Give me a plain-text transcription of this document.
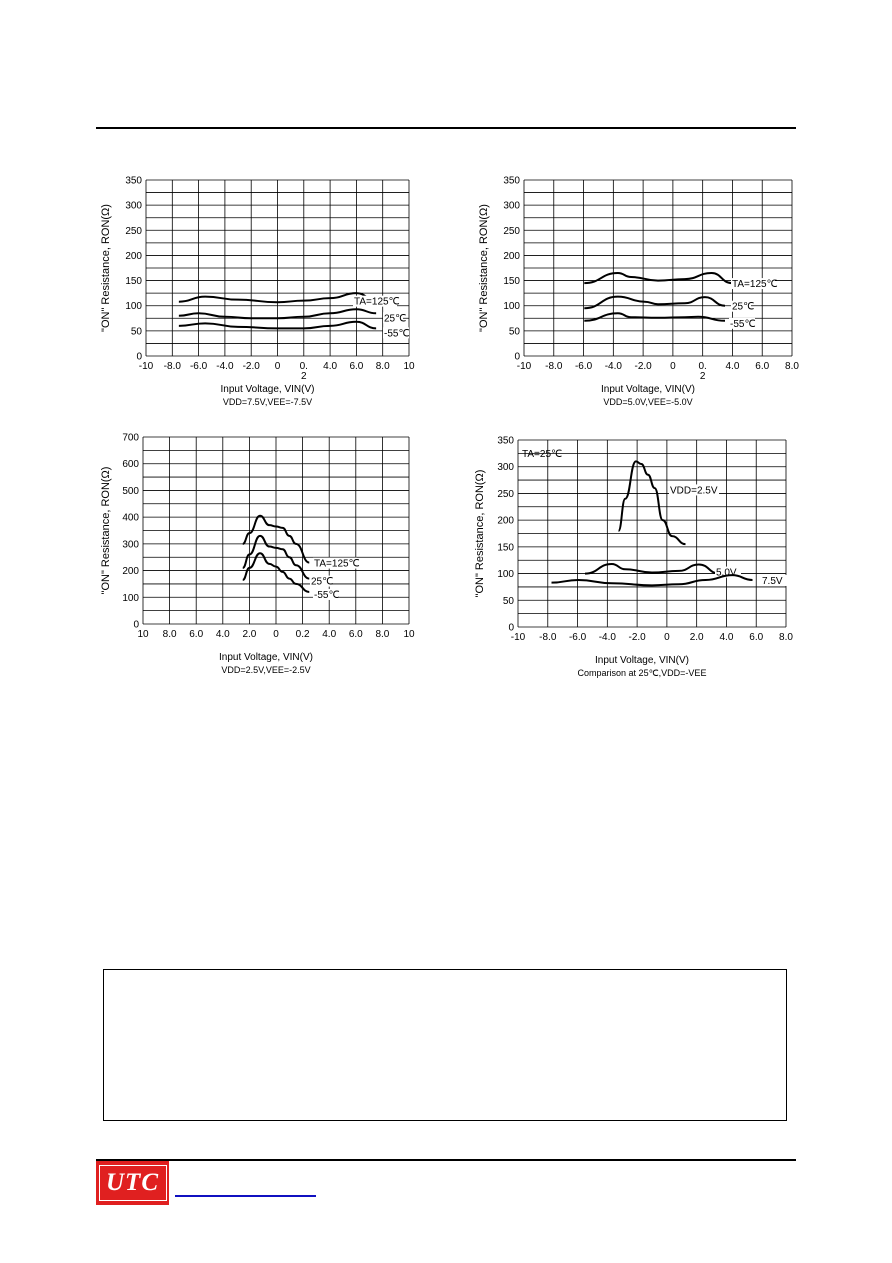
0
50
100
150
200
250
300
350
-10 -8.0 -6.0 -4.0 -2.0 0 0.
2
4.0 6.0 8.0 10
"ON" Resistance, RON(Ω)
Input Voltage, VIN(V)
VDD=7.5V,VEE=-7.5V
TA=125℃
25℃
-55℃
0
50
100
150
200
250
300
350
-10 -8.0 -6.0 -4.0 -2.0 0 0.
2
4.0 6.0 8.0
"ON" Resistance, RON(Ω)
Input Voltage, VIN(V)
VDD=5.0V,VEE=-5.0V
TA=125℃
25℃
-55℃
0
100
200
300
400
500
600
700
10 8.0 6.0 4.0 2.0 0 0.2 4.0 6.0 8.0 10
"ON" Resistance, RON(Ω)
Input Voltage, VIN(V)
VDD=2.5V,VEE=-2.5V
TA=125℃
25℃
-55℃
0
50
100
150
200
250
300
350
-10 -8.0 -6.0 -4.0 -2.0 0 2.0 4.0 6.0 8.0
"ON" Resistance, RON(Ω)
Input Voltage, VIN(V)
Comparison at 25℃,VDD=-VEE
TA=25℃
VDD=2.5V
5.0V
7.5V
UTC
